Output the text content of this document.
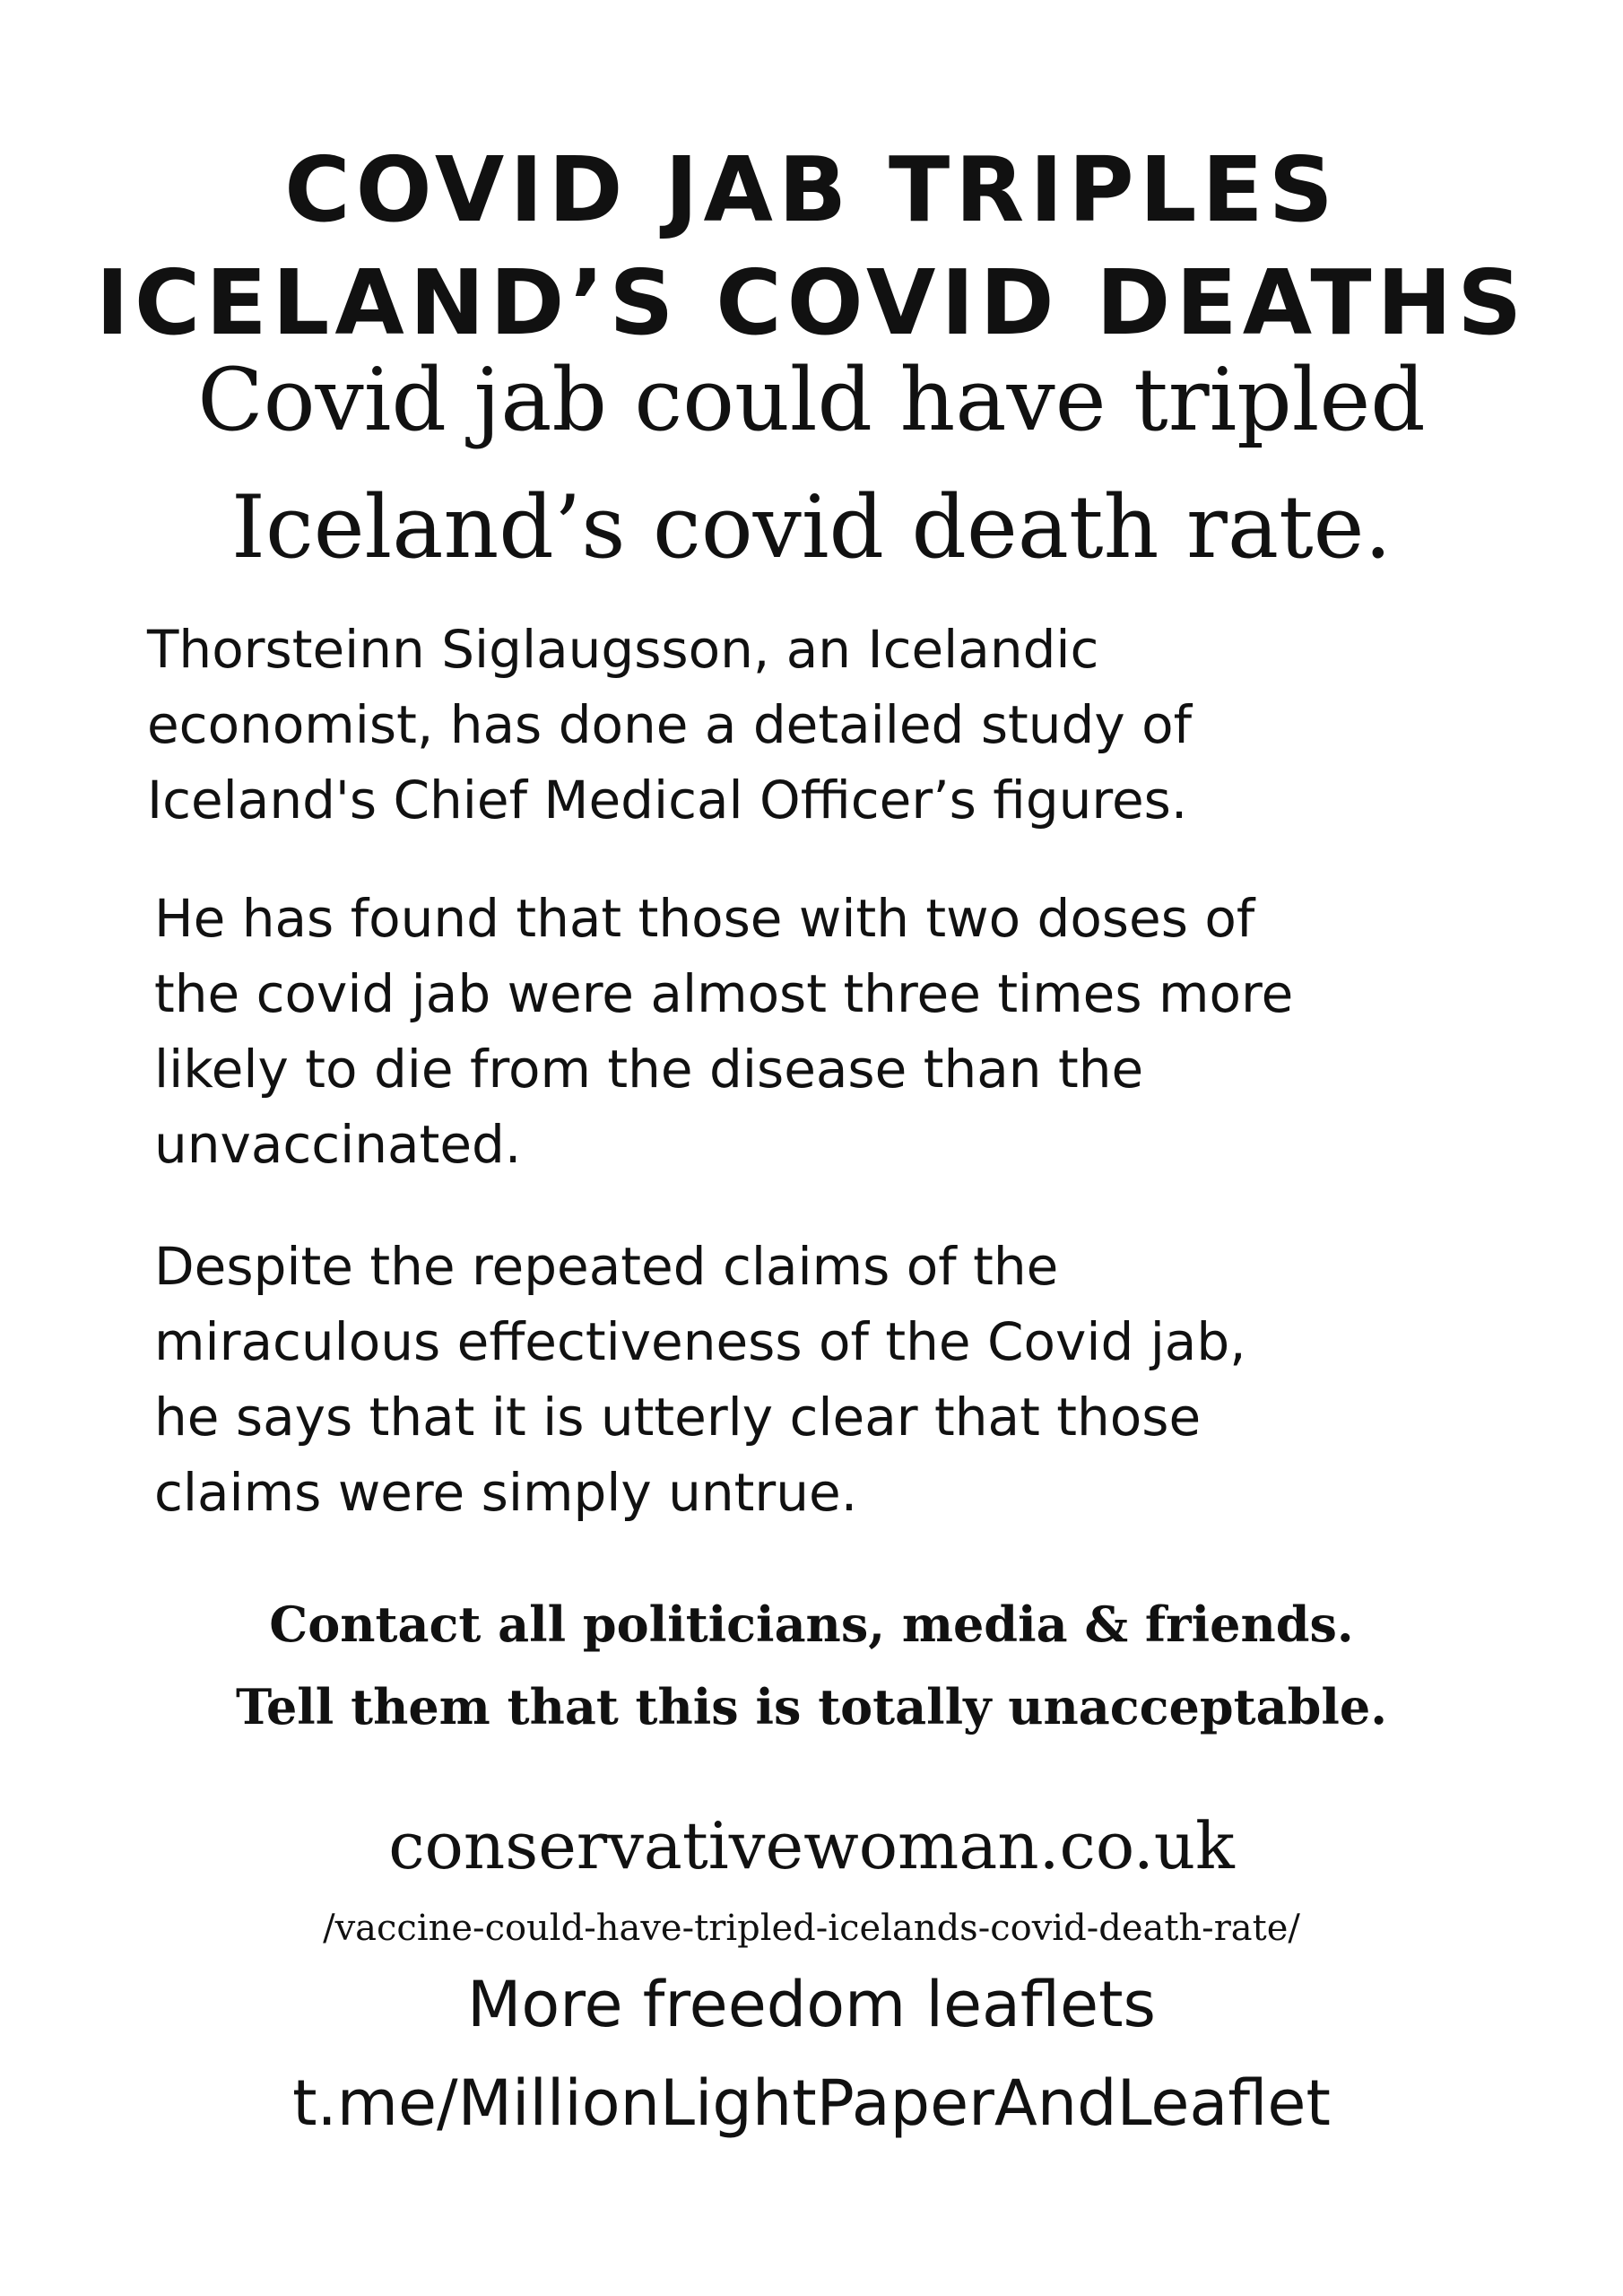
COVID JAB TRIPLES
ICELAND’S COVID DEATHS
Covid jab could have tripled
Iceland’s covid death rate.
Thorsteinn Siglaugsson, an Icelandic
economist, has done a detailed study of
Iceland's Chief Medical Officer’s figures.
He has found that those with two doses of
the covid jab were almost three times more
likely to die from the disease than the
unvaccinated.
Despite the repeated claims of the
miraculous effectiveness of the Covid jab,
he says that it is utterly clear that those
claims were simply untrue.
Contact all politicians, media & friends.
Tell them that this is totally unacceptable.
conservativewoman.co.uk
/vaccine-could-have-tripled-icelands-covid-death-rate/
More freedom leaflets
t.me/MillionLightPaperAndLeaflet
